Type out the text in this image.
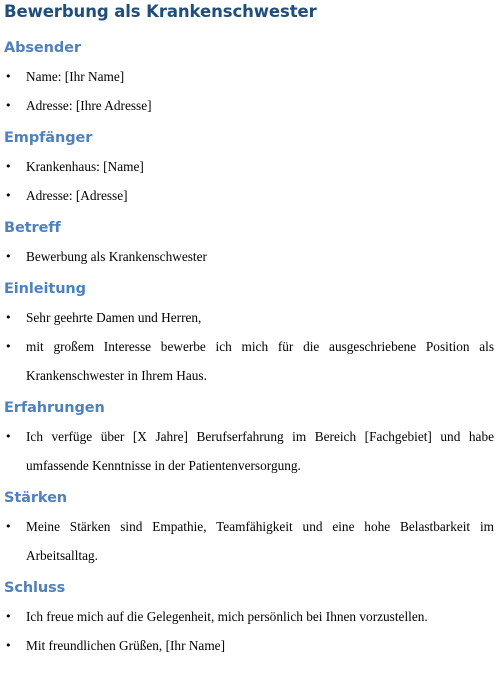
Bewerbung als Krankenschwester
Absender
• Name: [Ihr Name]
• Adresse: [Ihre Adresse]
Empfänger
• Krankenhaus: [Name]
• Adresse: [Adresse]
Betreff
• Bewerbung als Krankenschwester
Einleitung
• Sehr geehrte Damen und Herren,
• mit großem Interesse bewerbe ich mich für die ausgeschriebene Position als Krankenschwester in Ihrem Haus.
Erfahrungen
• Ich verfüge über [X Jahre] Berufserfahrung im Bereich [Fachgebiet] und habe umfassende Kenntnisse in der Patientenversorgung.
Stärken
• Meine Stärken sind Empathie, Teamfähigkeit und eine hohe Belastbarkeit im Arbeitsalltag.
Schluss
• Ich freue mich auf die Gelegenheit, mich persönlich bei Ihnen vorzustellen.
• Mit freundlichen Grüßen, [Ihr Name]
